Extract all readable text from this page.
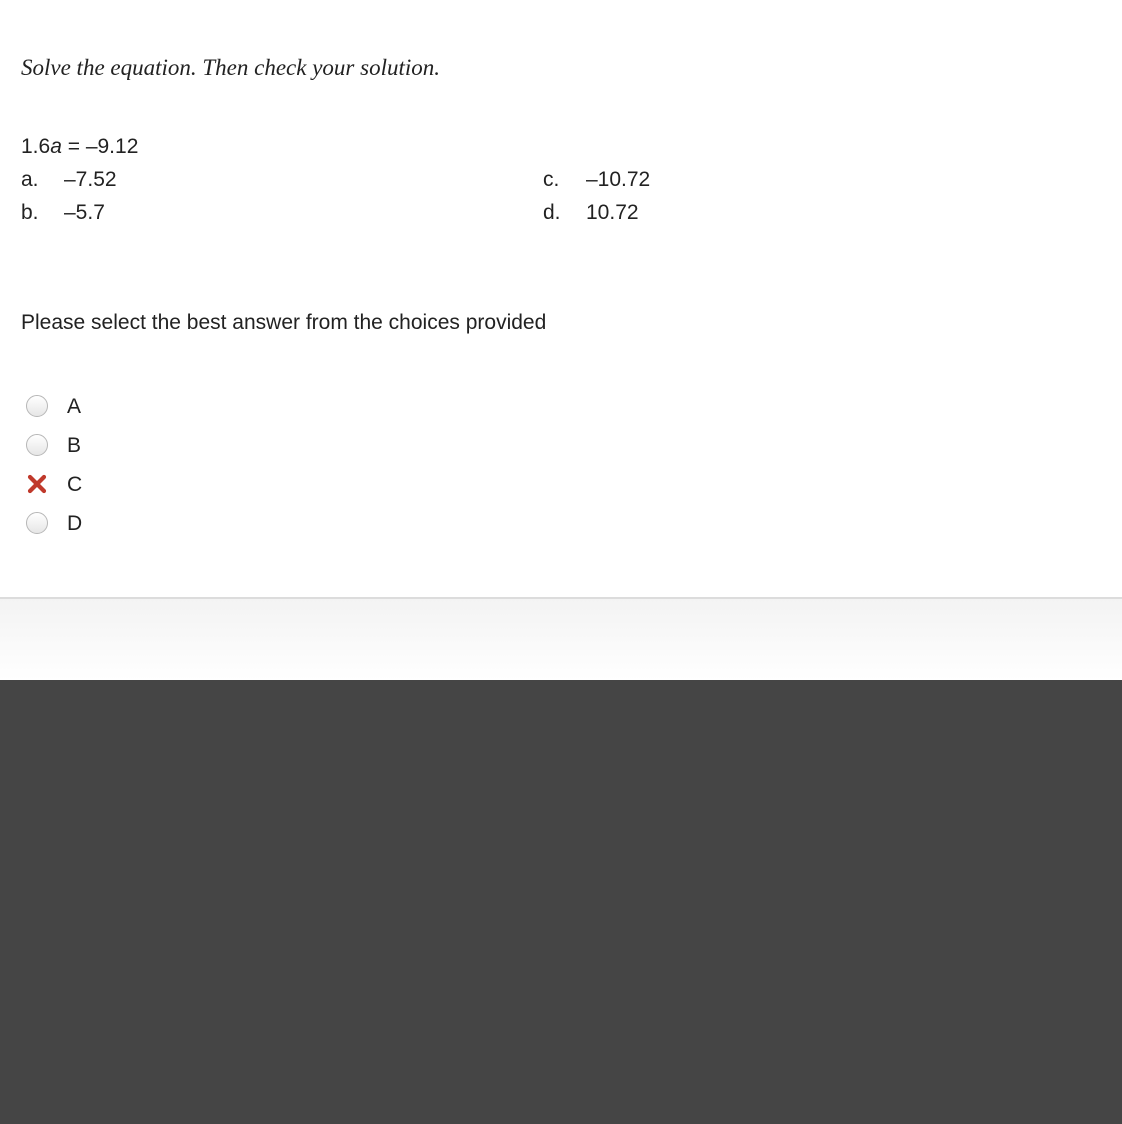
Solve the equation. Then check your solution.
1.6a = –9.12
a. –7.52
b. –5.7
c. –10.72
d. 10.72
Please select the best answer from the choices provided
A
B
C
D
